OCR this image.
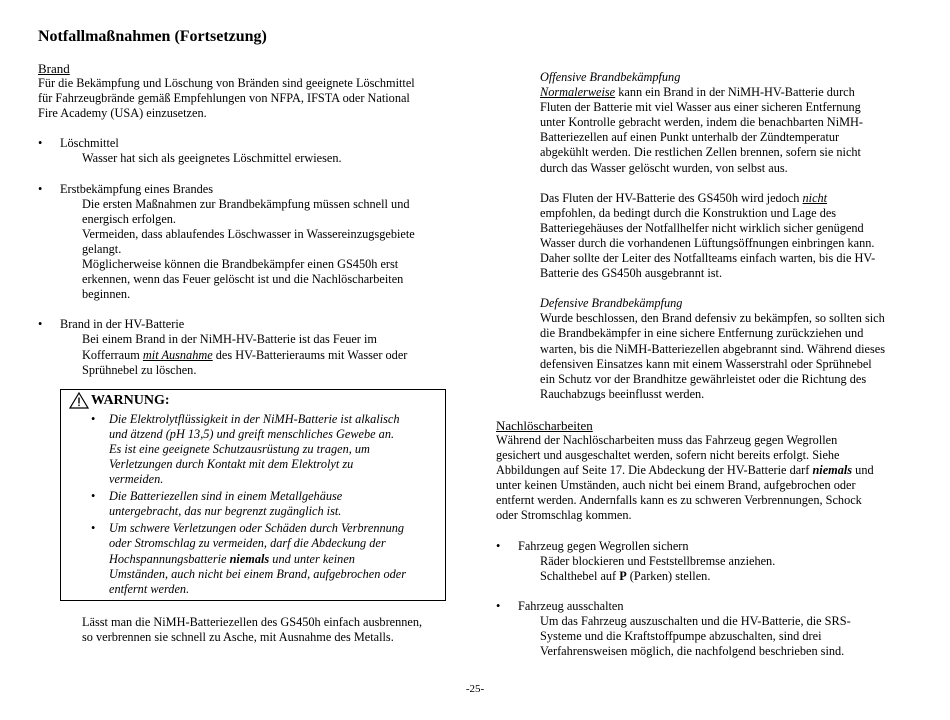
Notfallmaßnahmen (Fortsetzung)
Brand
Für die Bekämpfung und Löschung von Bränden sind geeignete Löschmittel
für Fahrzeugbrände gemäß Empfehlungen von NFPA, IFSTA oder National
Fire Academy (USA) einzusetzen.
• Löschmittel
Wasser hat sich als geeignetes Löschmittel erwiesen.
• Erstbekämpfung eines Brandes
Die ersten Maßnahmen zur Brandbekämpfung müssen schnell und
energisch erfolgen.
Vermeiden, dass ablaufendes Löschwasser in Wassereinzugsgebiete
gelangt.
Möglicherweise können die Brandbekämpfer einen GS450h erst
erkennen, wenn das Feuer gelöscht ist und die Nachlöscharbeiten
beginnen.
• Brand in der HV-Batterie
Bei einem Brand in der NiMH-HV-Batterie ist das Feuer im
Kofferraum mit Ausnahme des HV-Batterieraums mit Wasser oder
Sprühnebel zu löschen.
WARNUNG:
• Die Elektrolytflüssigkeit in der NiMH-Batterie ist alkalisch
und ätzend (pH 13,5) und greift menschliches Gewebe an.
Es ist eine geeignete Schutzausrüstung zu tragen, um
Verletzungen durch Kontakt mit dem Elektrolyt zu
vermeiden.
• Die Batteriezellen sind in einem Metallgehäuse
untergebracht, das nur begrenzt zugänglich ist.
• Um schwere Verletzungen oder Schäden durch Verbrennung
oder Stromschlag zu vermeiden, darf die Abdeckung der
Hochspannungsbatterie niemals und unter keinen
Umständen, auch nicht bei einem Brand, aufgebrochen oder
entfernt werden.
Lässt man die NiMH-Batteriezellen des GS450h einfach ausbrennen,
so verbrennen sie schnell zu Asche, mit Ausnahme des Metalls.
Offensive Brandbekämpfung
Normalerweise kann ein Brand in der NiMH-HV-Batterie durch
Fluten der Batterie mit viel Wasser aus einer sicheren Entfernung
unter Kontrolle gebracht werden, indem die benachbarten NiMH-
Batteriezellen auf einen Punkt unterhalb der Zündtemperatur
abgekühlt werden. Die restlichen Zellen brennen, sofern sie nicht
durch das Wasser gelöscht wurden, von selbst aus.
Das Fluten der HV-Batterie des GS450h wird jedoch nicht
empfohlen, da bedingt durch die Konstruktion und Lage des
Batteriegehäuses der Notfallhelfer nicht wirklich sicher genügend
Wasser durch die vorhandenen Lüftungsöffnungen einbringen kann.
Daher sollte der Leiter des Notfallteams einfach warten, bis die HV-
Batterie des GS450h ausgebrannt ist.
Defensive Brandbekämpfung
Wurde beschlossen, den Brand defensiv zu bekämpfen, so sollten sich
die Brandbekämpfer in eine sichere Entfernung zurückziehen und
warten, bis die NiMH-Batteriezellen abgebrannt sind. Während dieses
defensiven Einsatzes kann mit einem Wasserstrahl oder Sprühnebel
ein Schutz vor der Brandhitze gewährleistet oder die Richtung des
Rauchabzugs beeinflusst werden.
Nachlöscharbeiten
Während der Nachlöscharbeiten muss das Fahrzeug gegen Wegrollen
gesichert und ausgeschaltet werden, sofern nicht bereits erfolgt. Siehe
Abbildungen auf Seite 17. Die Abdeckung der HV-Batterie darf niemals und
unter keinen Umständen, auch nicht bei einem Brand, aufgebrochen oder
entfernt werden. Andernfalls kann es zu schweren Verbrennungen, Schock
oder Stromschlag kommen.
• Fahrzeug gegen Wegrollen sichern
Räder blockieren und Feststellbremse anziehen.
Schalthebel auf P (Parken) stellen.
• Fahrzeug ausschalten
Um das Fahrzeug auszuschalten und die HV-Batterie, die SRS-
Systeme und die Kraftstoffpumpe abzuschalten, sind drei
Verfahrensweisen möglich, die nachfolgend beschrieben sind.
-25-
